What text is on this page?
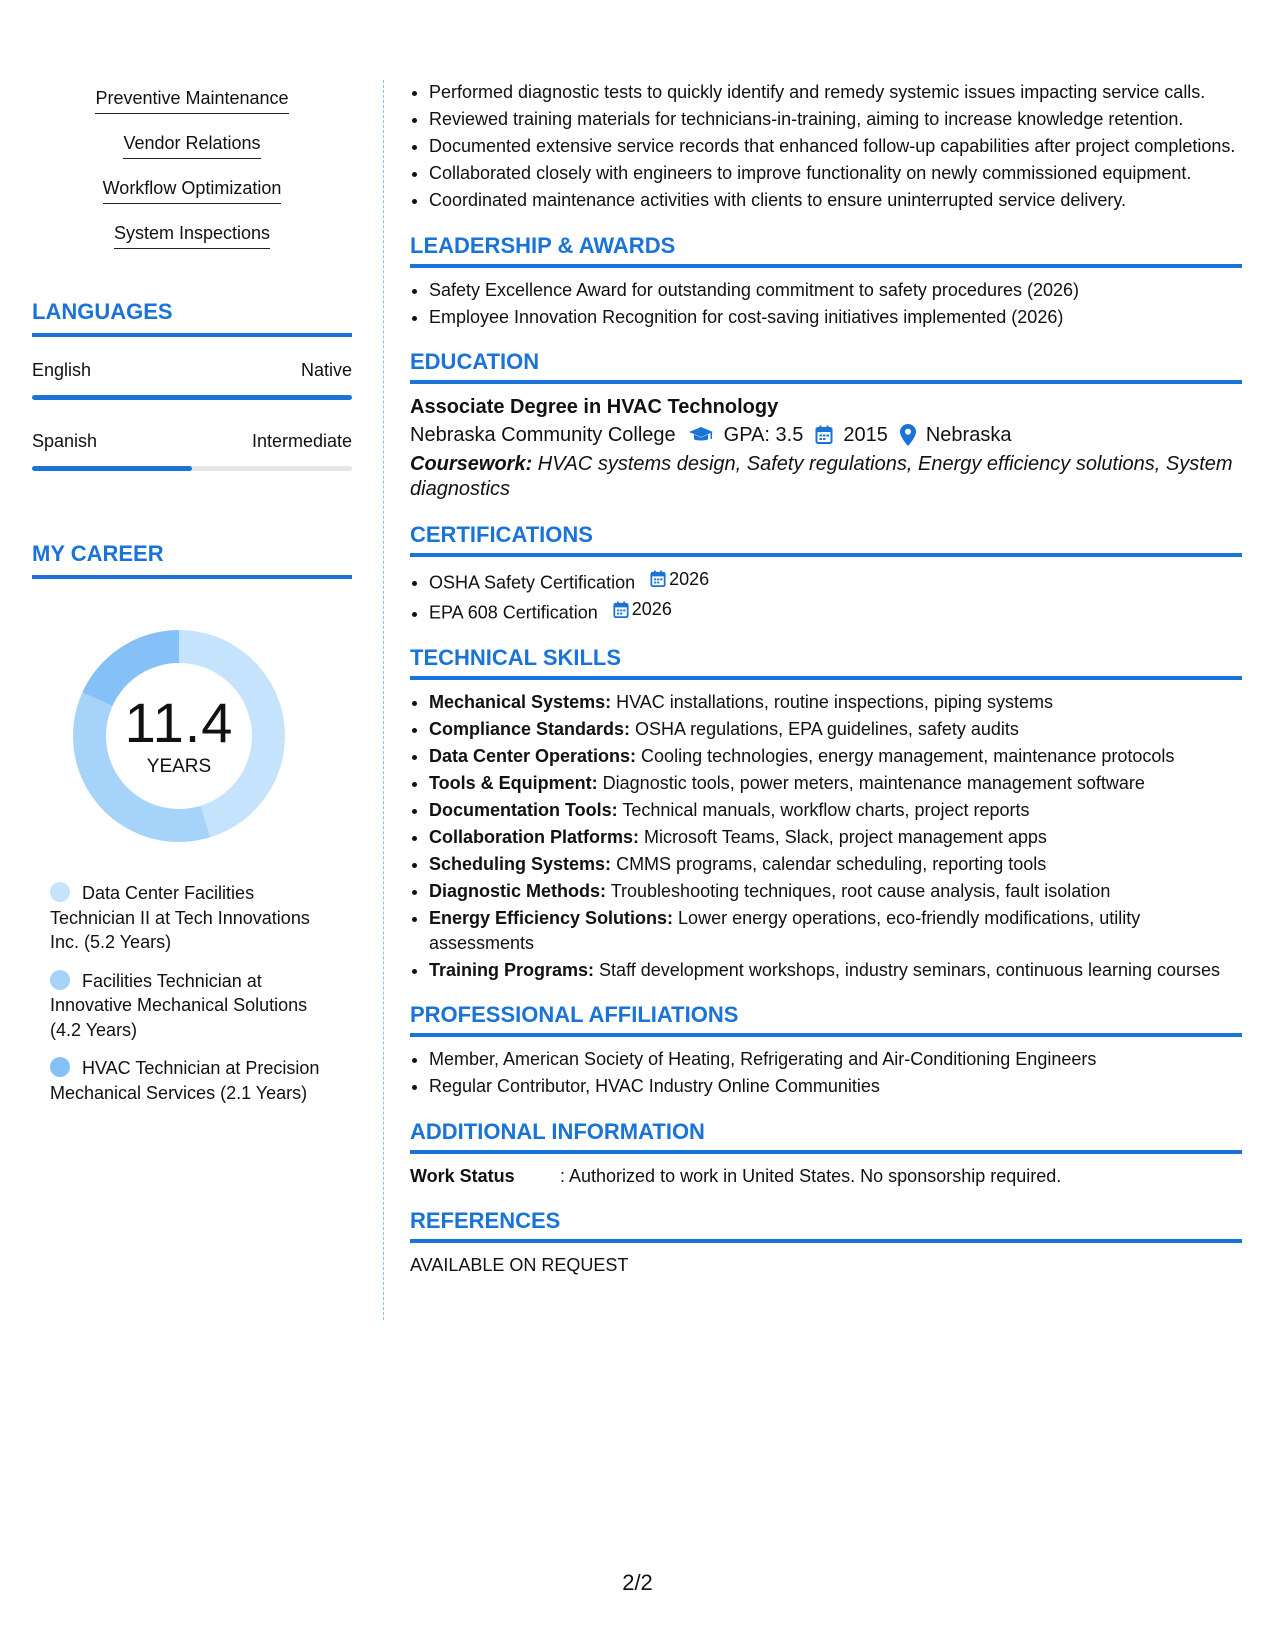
Preventive Maintenance
Vendor Relations
Workflow Optimization
System Inspections
LANGUAGES
English	Native
Spanish	Intermediate
MY CAREER
11.4
YEARS
Data Center Facilities Technician II at Tech Innovations Inc. (5.2 Years)
Facilities Technician at Innovative Mechanical Solutions (4.2 Years)
HVAC Technician at Precision Mechanical Services (2.1 Years)
• Performed diagnostic tests to quickly identify and remedy systemic issues impacting service calls.
• Reviewed training materials for technicians-in-training, aiming to increase knowledge retention.
• Documented extensive service records that enhanced follow-up capabilities after project completions.
• Collaborated closely with engineers to improve functionality on newly commissioned equipment.
• Coordinated maintenance activities with clients to ensure uninterrupted service delivery.
LEADERSHIP & AWARDS
• Safety Excellence Award for outstanding commitment to safety procedures (2026)
• Employee Innovation Recognition for cost-saving initiatives implemented (2026)
EDUCATION
Associate Degree in HVAC Technology
Nebraska Community College GPA: 3.5 2015 Nebraska
Coursework: HVAC systems design, Safety regulations, Energy efficiency solutions, System diagnostics
CERTIFICATIONS
• OSHA Safety Certification 2026
• EPA 608 Certification 2026
TECHNICAL SKILLS
• Mechanical Systems: HVAC installations, routine inspections, piping systems
• Compliance Standards: OSHA regulations, EPA guidelines, safety audits
• Data Center Operations: Cooling technologies, energy management, maintenance protocols
• Tools & Equipment: Diagnostic tools, power meters, maintenance management software
• Documentation Tools: Technical manuals, workflow charts, project reports
• Collaboration Platforms: Microsoft Teams, Slack, project management apps
• Scheduling Systems: CMMS programs, calendar scheduling, reporting tools
• Diagnostic Methods: Troubleshooting techniques, root cause analysis, fault isolation
• Energy Efficiency Solutions: Lower energy operations, eco-friendly modifications, utility assessments
• Training Programs: Staff development workshops, industry seminars, continuous learning courses
PROFESSIONAL AFFILIATIONS
• Member, American Society of Heating, Refrigerating and Air-Conditioning Engineers
• Regular Contributor, HVAC Industry Online Communities
ADDITIONAL INFORMATION
Work Status	: Authorized to work in United States. No sponsorship required.
REFERENCES
AVAILABLE ON REQUEST
2/2
